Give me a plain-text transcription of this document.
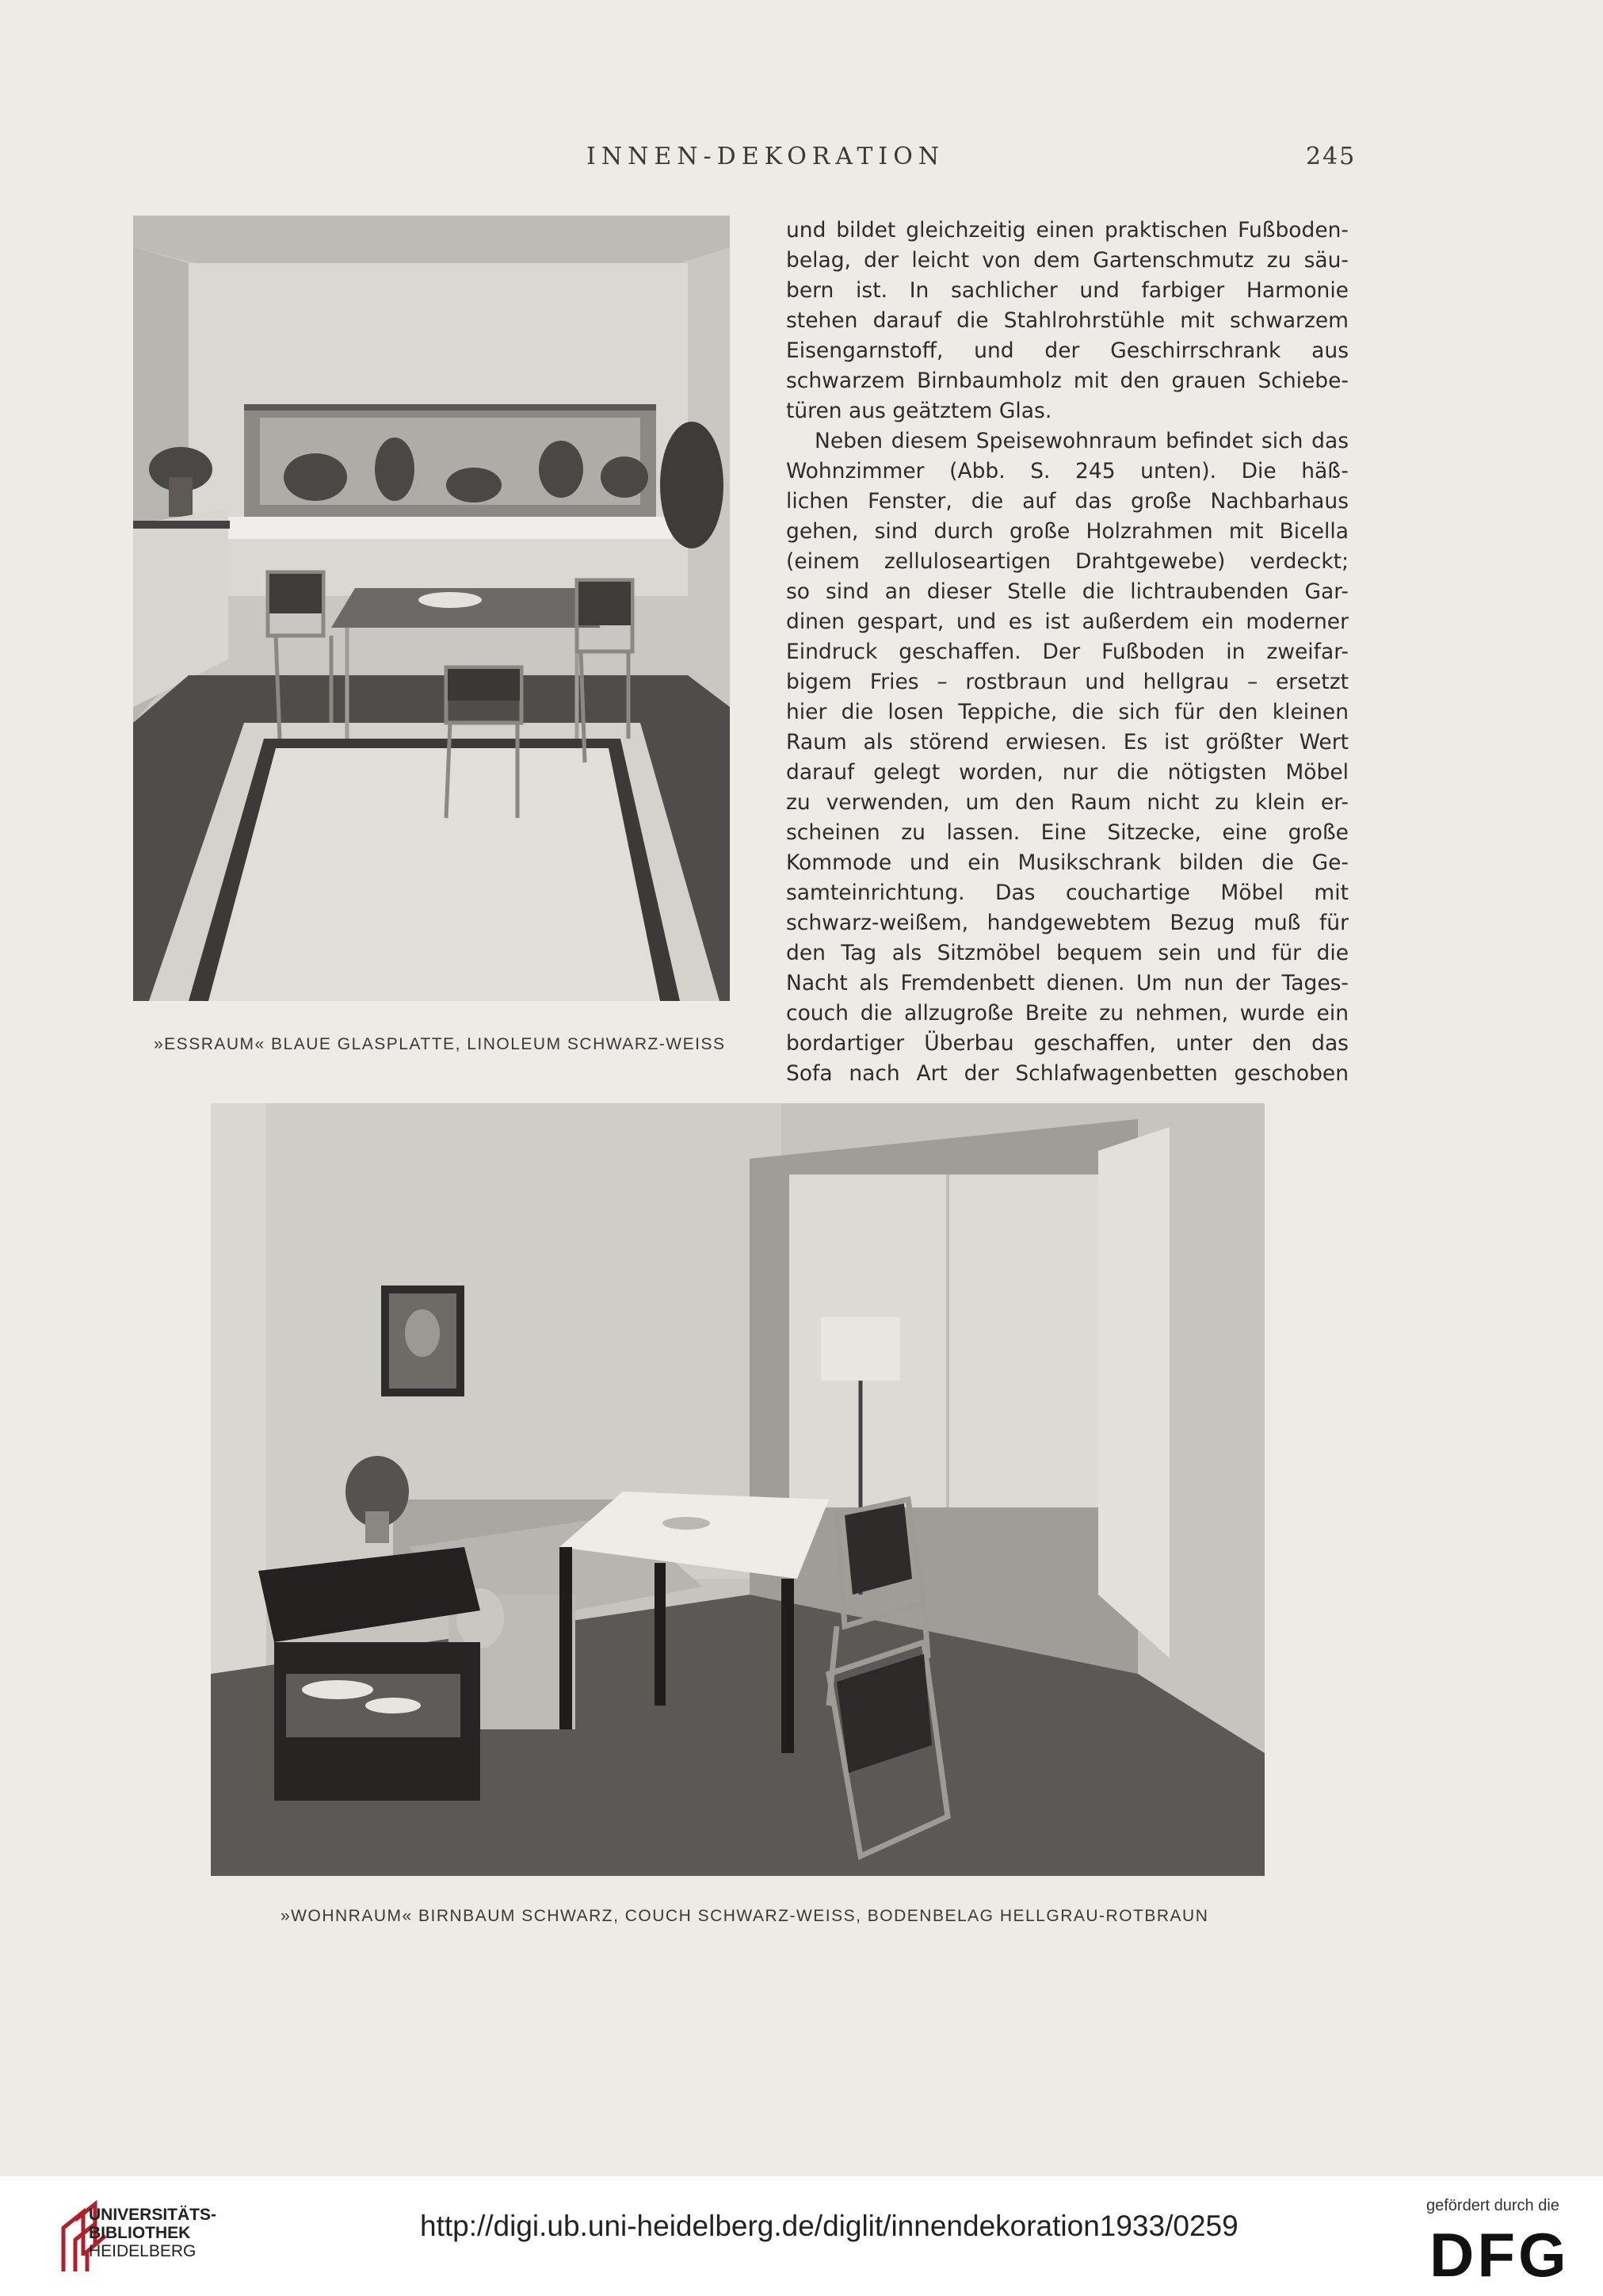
INNEN-DEKORATION	245
»ESSRAUM« BLAUE GLASPLATTE, LINOLEUM SCHWARZ-WEISS

und bildet gleichzeitig einen praktischen Fußboden-

belag, der leicht von dem Gartenschmutz zu säu-

bern ist. In sachlicher und farbiger Harmonie

stehen darauf die Stahlrohrstühle mit schwarzem

Eisengarnstoff, und der Geschirrschrank aus

schwarzem Birnbaumholz mit den grauen Schiebe-

türen aus geätztem Glas.

Neben diesem Speisewohnraum befindet sich das

Wohnzimmer (Abb. S. 245 unten). Die häß-

lichen Fenster, die auf das große Nachbarhaus

gehen, sind durch große Holzrahmen mit Bicella

(einem zelluloseartigen Drahtgewebe) verdeckt;

so sind an dieser Stelle die lichtraubenden Gar-

dinen gespart, und es ist außerdem ein moderner

Eindruck geschaffen. Der Fußboden in zweifar-

bigem Fries – rostbraun und hellgrau – ersetzt

hier die losen Teppiche, die sich für den kleinen

Raum als störend erwiesen. Es ist größter Wert

darauf gelegt worden, nur die nötigsten Möbel

zu verwenden, um den Raum nicht zu klein er-

scheinen zu lassen. Eine Sitzecke, eine große

Kommode und ein Musikschrank bilden die Ge-

samteinrichtung. Das couchartige Möbel mit

schwarz-weißem, handgewebtem Bezug muß für

den Tag als Sitzmöbel bequem sein und für die

Nacht als Fremdenbett dienen. Um nun der Tages-

couch die allzugroße Breite zu nehmen, wurde ein

bordartiger Überbau geschaffen, unter den das

Sofa nach Art der Schlafwagenbetten geschoben

»WOHNRAUM« BIRNBAUM SCHWARZ, COUCH SCHWARZ-WEISS, BODENBELAG HELLGRAU-ROTBRAUN
UNIVERSITÄTS-
BIBLIOTHEK
HEIDELBERG
http://digi.ub.uni-heidelberg.de/diglit/innendekoration1933/0259
gefördert durch die
DFG
